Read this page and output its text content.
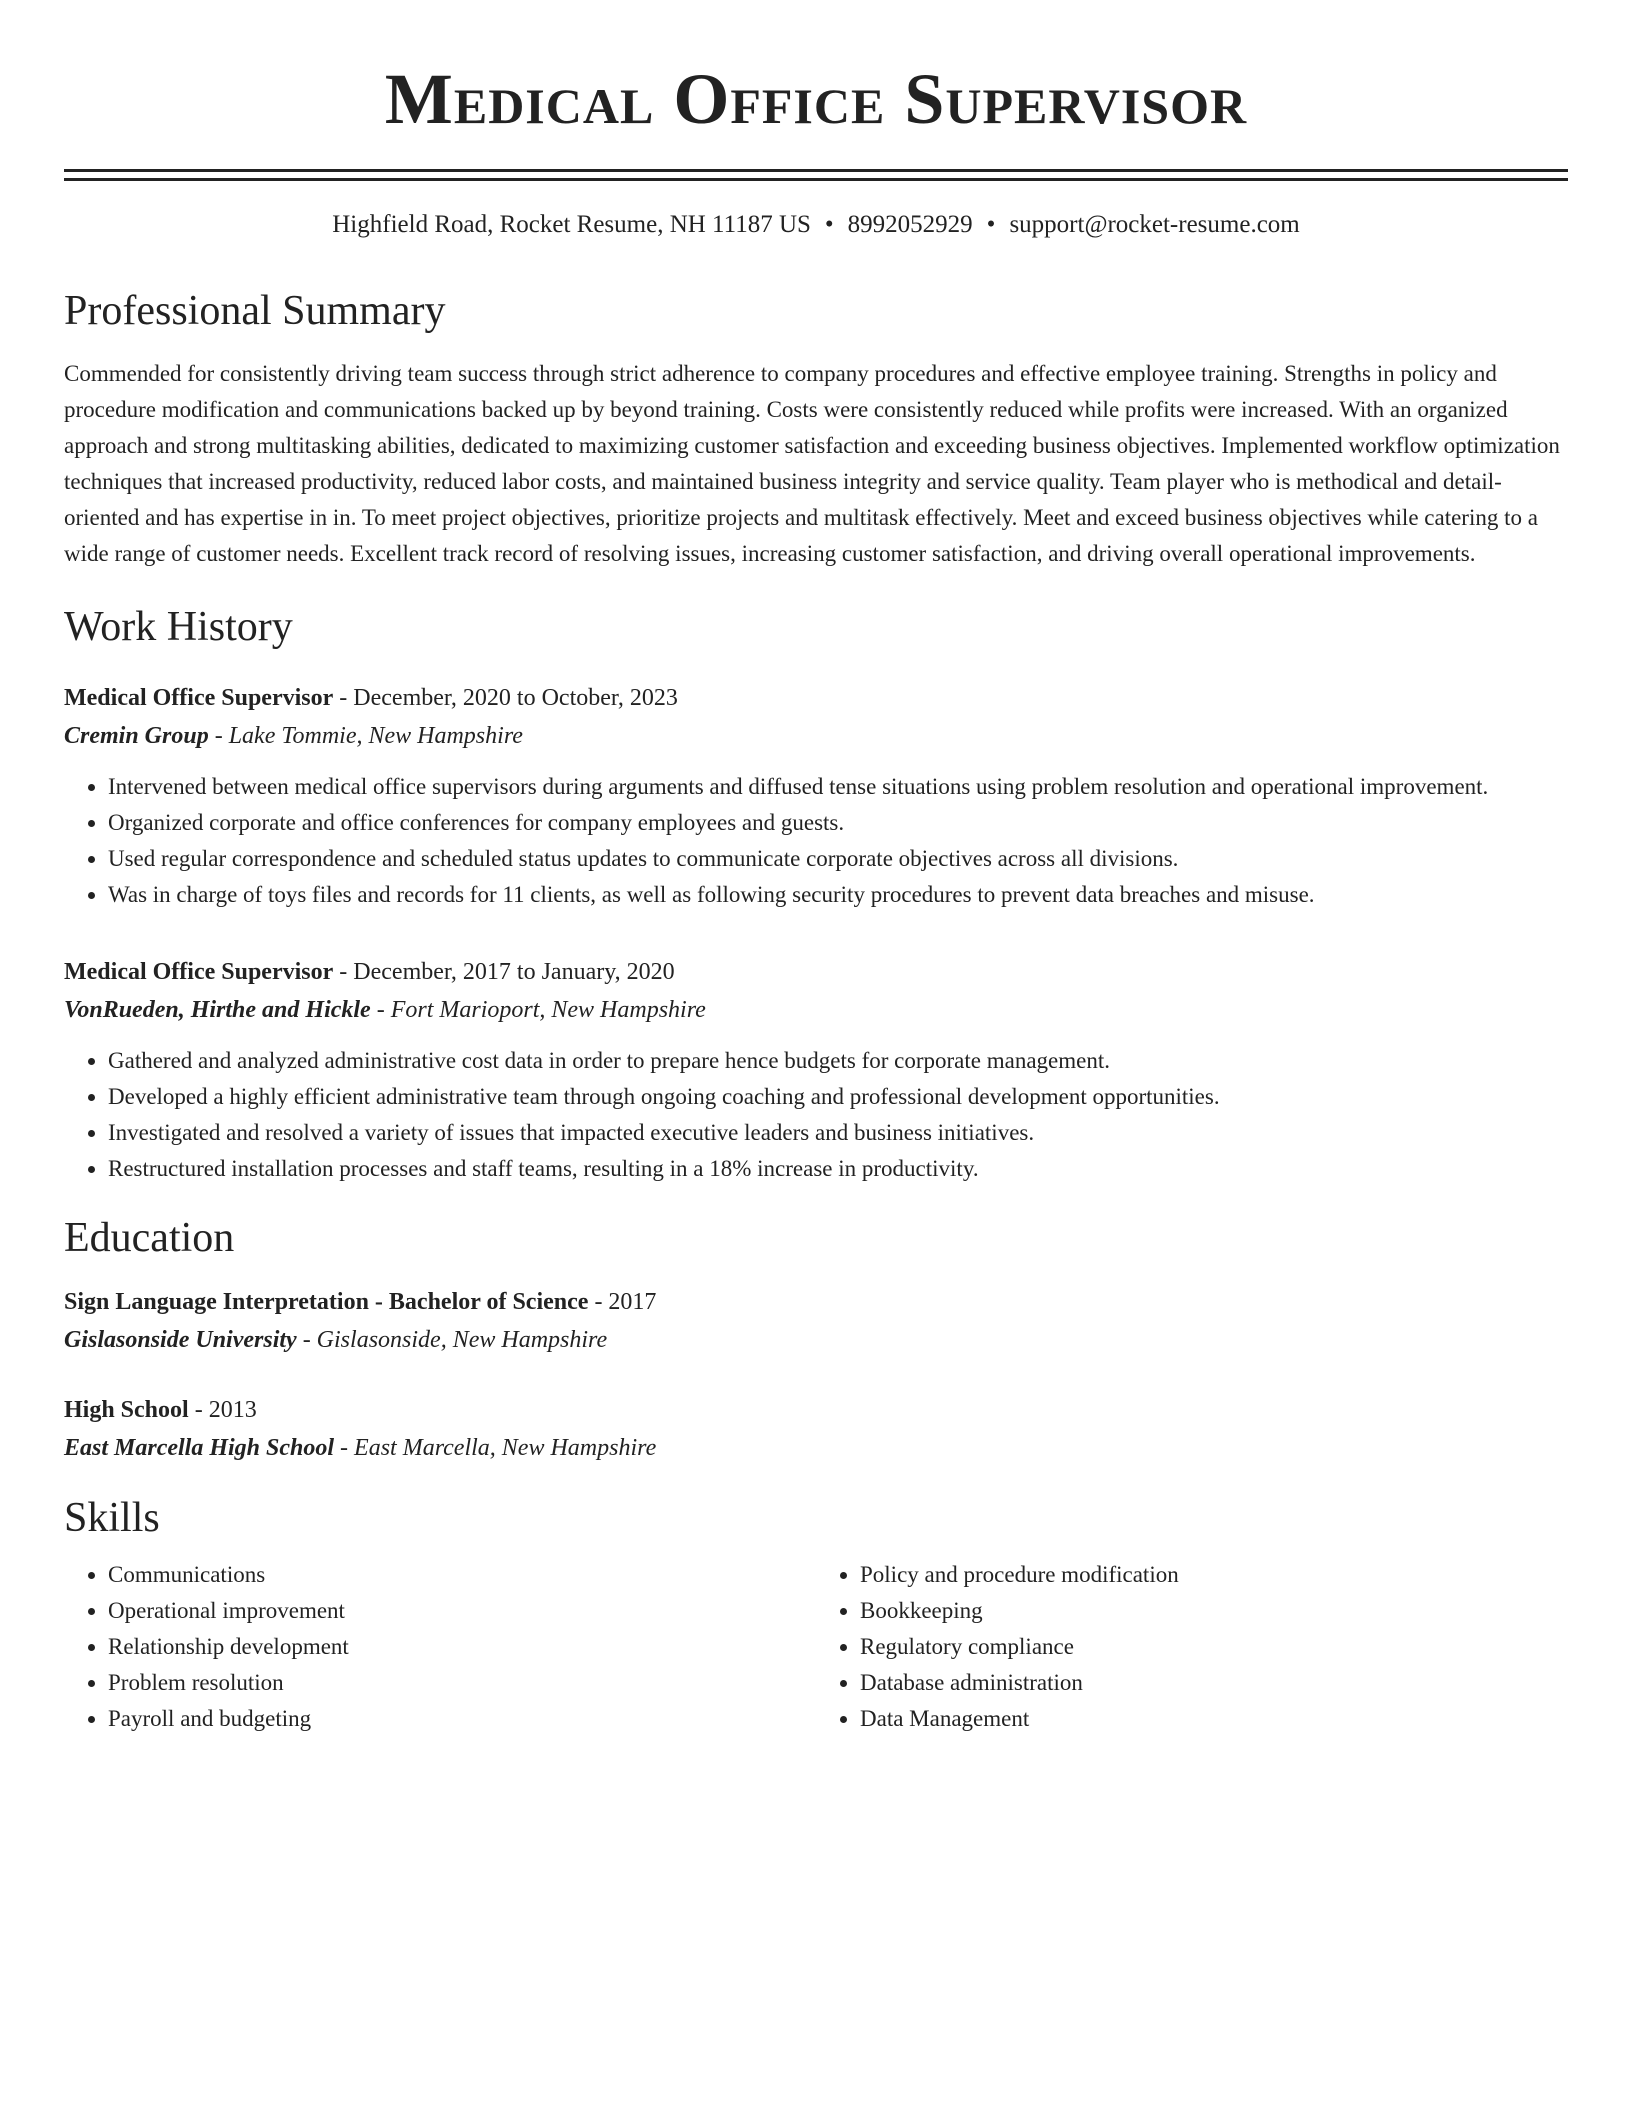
Medical Office Supervisor
Highfield Road, Rocket Resume, NH 11187 US • 8992052929 • support@rocket-resume.com
Professional Summary

Commended for consistently driving team success through strict adherence to company procedures and effective employee training. Strengths in policy and procedure modification and communications backed up by beyond training. Costs were consistently reduced while profits were increased. With an organized approach and strong multitasking abilities, dedicated to maximizing customer satisfaction and exceeding business objectives. Implemented workflow optimization techniques that increased productivity, reduced labor costs, and maintained business integrity and service quality. Team player who is methodical and detail-oriented and has expertise in in. To meet project objectives, prioritize projects and multitask effectively. Meet and exceed business objectives while catering to a wide range of customer needs. Excellent track record of resolving issues, increasing customer satisfaction, and driving overall operational improvements.

Work History
Medical Office Supervisor - December, 2020 to October, 2023
Cremin Group - Lake Tommie, New Hampshire
• Intervened between medical office supervisors during arguments and diffused tense situations using problem resolution and operational improvement.
• Organized corporate and office conferences for company employees and guests.
• Used regular correspondence and scheduled status updates to communicate corporate objectives across all divisions.
• Was in charge of toys files and records for 11 clients, as well as following security procedures to prevent data breaches and misuse.
Medical Office Supervisor - December, 2017 to January, 2020
VonRueden, Hirthe and Hickle - Fort Marioport, New Hampshire
• Gathered and analyzed administrative cost data in order to prepare hence budgets for corporate management.
• Developed a highly efficient administrative team through ongoing coaching and professional development opportunities.
• Investigated and resolved a variety of issues that impacted executive leaders and business initiatives.
• Restructured installation processes and staff teams, resulting in a 18% increase in productivity.
Education
Sign Language Interpretation - Bachelor of Science - 2017
Gislasonside University - Gislasonside, New Hampshire
High School - 2013
East Marcella High School - East Marcella, New Hampshire
Skills
• Communications
• Operational improvement
• Relationship development
• Problem resolution
• Payroll and budgeting
• Policy and procedure modification
• Bookkeeping
• Regulatory compliance
• Database administration
• Data Management
